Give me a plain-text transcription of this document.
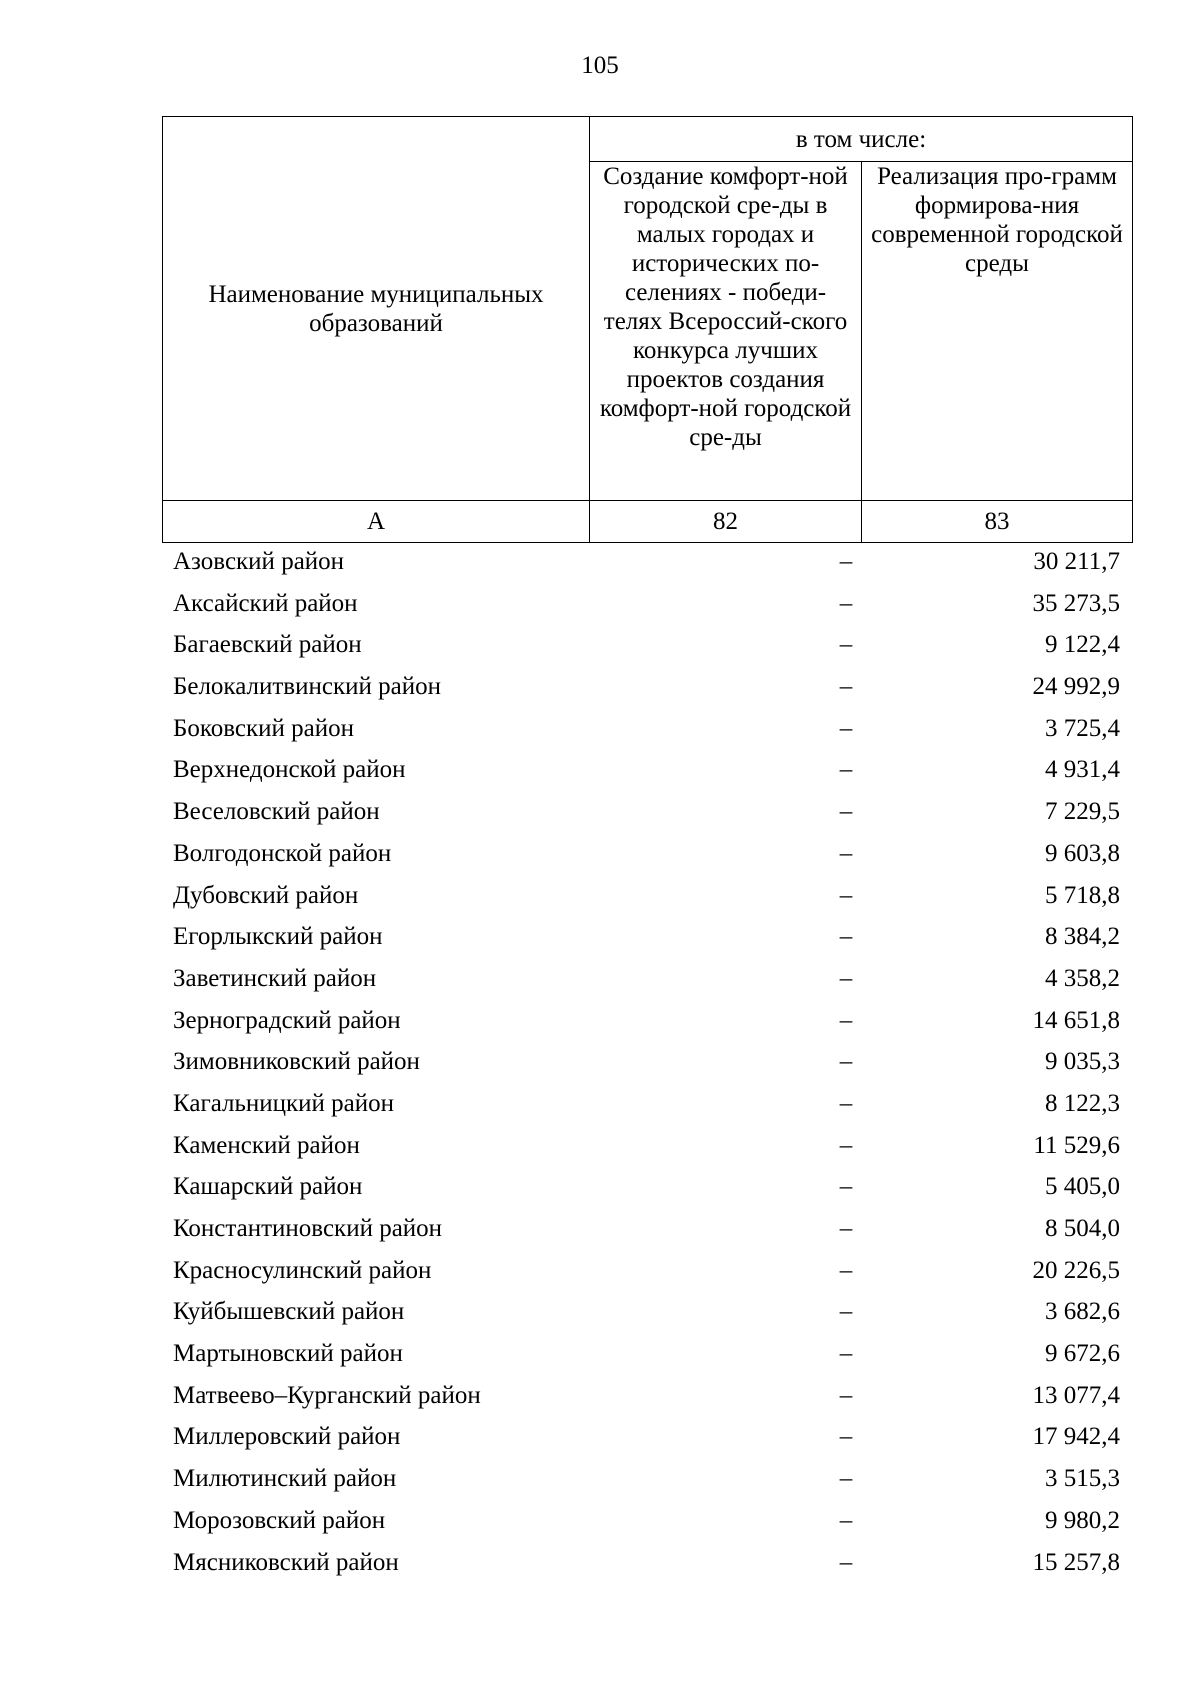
105
Наименование муниципальных образований	в том числе:	
	Создание комфорт-ной городской сре-ды в малых городах и исторических по-селениях - победи-телях Всероссий-ского конкурса лучших проектов создания комфорт-ной городской сре-ды	Реализация про-грамм формирова-ния современной городской среды
А	82	83
Азовский район	–	30 211,7
Аксайский район	–	35 273,5
Багаевский район	–	9 122,4
Белокалитвинский район	–	24 992,9
Боковский район	–	3 725,4
Верхнедонской район	–	4 931,4
Веселовский район	–	7 229,5
Волгодонской район	–	9 603,8
Дубовский район	–	5 718,8
Егорлыкский район	–	8 384,2
Заветинский район	–	4 358,2
Зерноградский район	–	14 651,8
Зимовниковский район	–	9 035,3
Кагальницкий район	–	8 122,3
Каменский район	–	11 529,6
Кашарский район	–	5 405,0
Константиновский район	–	8 504,0
Красносулинский район	–	20 226,5
Куйбышевский район	–	3 682,6
Мартыновский район	–	9 672,6
Матвеево–Курганский район	–	13 077,4
Миллеровский район	–	17 942,4
Милютинский район	–	3 515,3
Морозовский район	–	9 980,2
Мясниковский район	–	15 257,8
